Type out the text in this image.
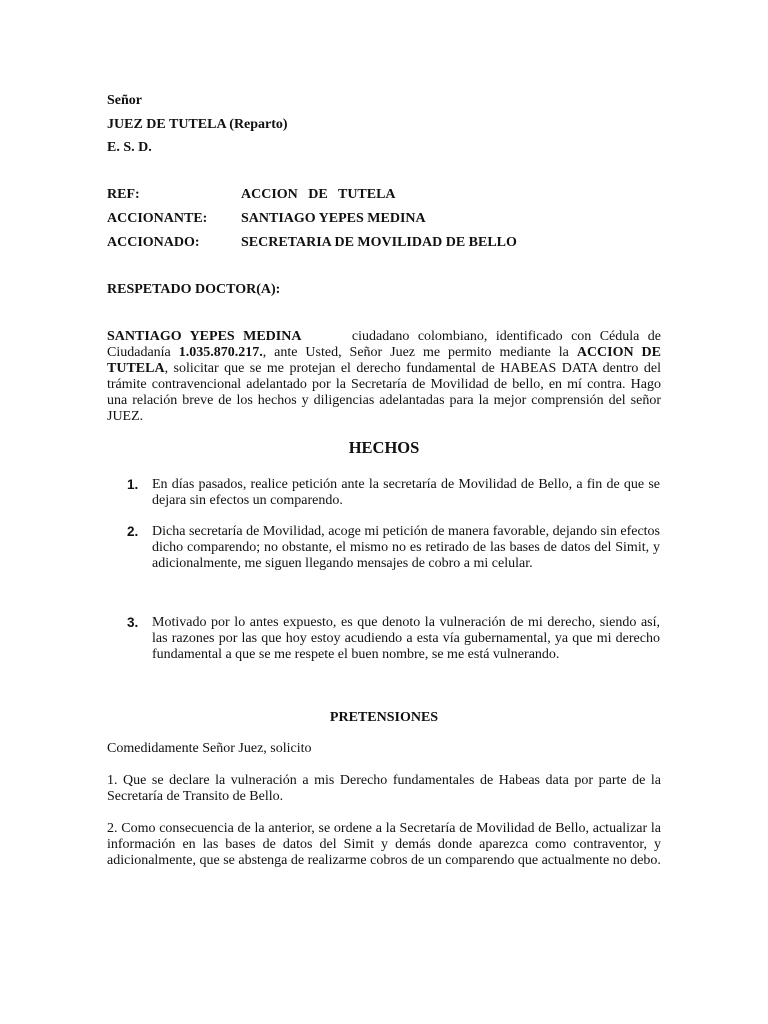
Señor
JUEZ DE TUTELA (Reparto)
E. S. D.
REF:	ACCION   DE   TUTELA
ACCIONANTE: SANTIAGO YEPES MEDINA
ACCIONADO:	SECRETARIA DE MOVILIDAD DE BELLO
RESPETADO DOCTOR(A):

SANTIAGO YEPES MEDINA      ciudadano colombiano, identificado con Cédula de Ciudadanía 1.035.870.217., ante Usted, Señor Juez me permito mediante la ACCION DE TUTELA, solicitar que se me protejan el derecho fundamental de HABEAS DATA dentro del trámite contravencional adelantado por la Secretaría de Movilidad de bello, en mí contra. Hago una relación breve de los hechos y diligencias adelantadas para la mejor comprensión del señor JUEZ.

HECHOS
1. En días pasados, realice petición ante la secretaría de Movilidad de Bello, a fin de que se dejara sin efectos un comparendo.
2. Dicha secretaría de Movilidad, acoge mi petición de manera favorable, dejando sin efectos dicho comparendo; no obstante, el mismo no es retirado de las bases de datos del Simit, y adicionalmente, me siguen llegando mensajes de cobro a mi celular.
3. Motivado por lo antes expuesto, es que denoto la vulneración de mi derecho, siendo así, las razones por las que hoy estoy acudiendo a esta vía gubernamental, ya que mi derecho fundamental a que se me respete el buen nombre, se me está vulnerando.
PRETENSIONES
Comedidamente Señor Juez, solicito

1. Que se declare la vulneración a mis Derecho fundamentales de Habeas data por parte de la Secretaría de Transito de Bello.

2. Como consecuencia de la anterior, se ordene a la Secretaría de Movilidad de Bello, actualizar la información en las bases de datos del Simit y demás donde aparezca como contraventor, y adicionalmente, que se abstenga de realizarme cobros de un comparendo que actualmente no debo.
